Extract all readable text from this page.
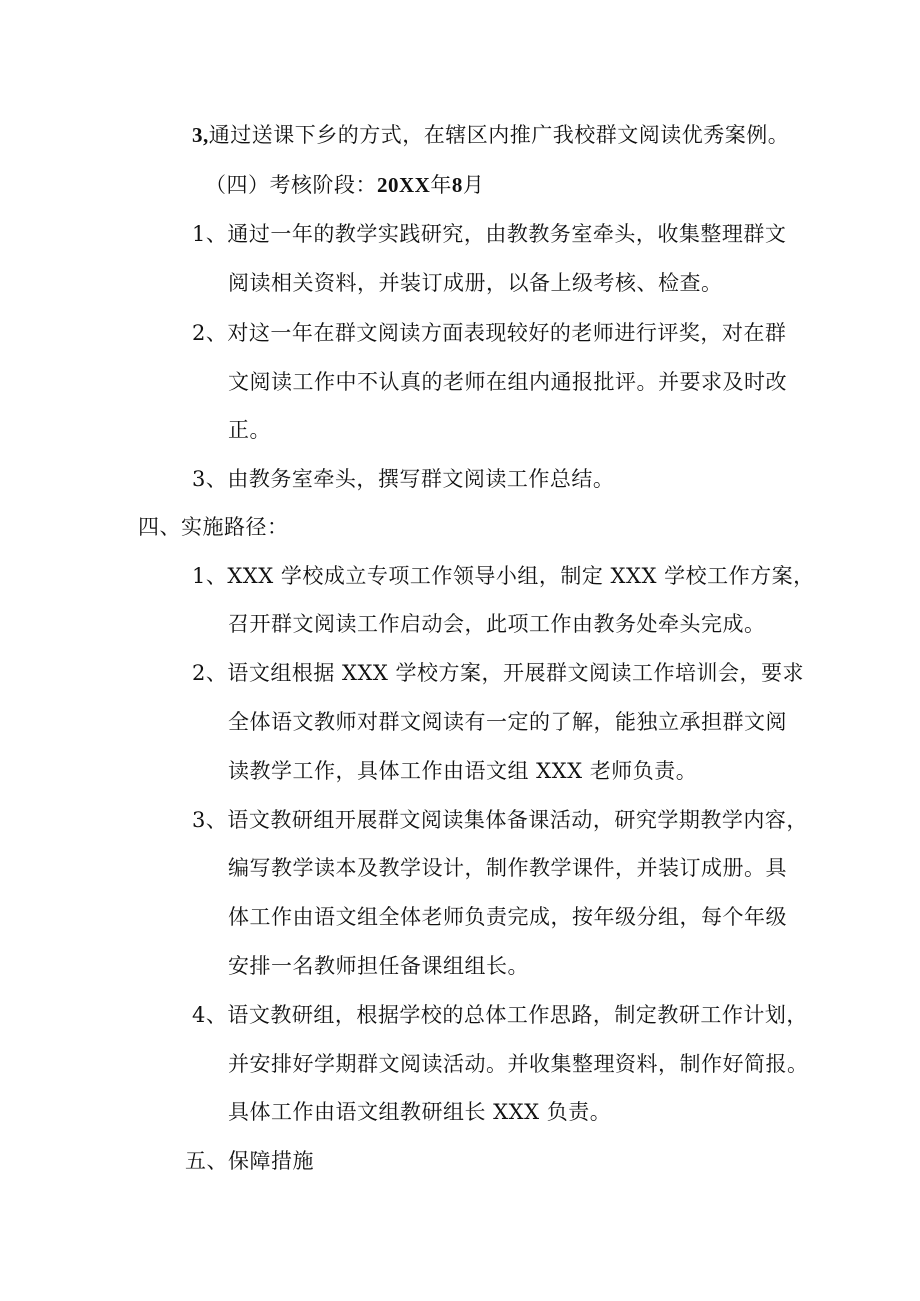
3,通过送课下乡的方式，在辖区内推广我校群文阅读优秀案例。
（四）考核阶段：20XX年8月
1、通过一年的教学实践研究，由教教务室牵头，收集整理群文
阅读相关资料，并装订成册，以备上级考核、检查。
2、对这一年在群文阅读方面表现较好的老师进行评奖，对在群
文阅读工作中不认真的老师在组内通报批评。并要求及时改
正。
3、由教务室牵头，撰写群文阅读工作总结。
四、实施路径：
1、XXX 学校成立专项工作领导小组，制定 XXX 学校工作方案，
召开群文阅读工作启动会，此项工作由教务处牵头完成。
2、语文组根据 XXX 学校方案，开展群文阅读工作培训会，要求
全体语文教师对群文阅读有一定的了解，能独立承担群文阅
读教学工作，具体工作由语文组 XXX 老师负责。
3、语文教研组开展群文阅读集体备课活动，研究学期教学内容，
编写教学读本及教学设计，制作教学课件，并装订成册。具
体工作由语文组全体老师负责完成，按年级分组，每个年级
安排一名教师担任备课组组长。
4、语文教研组，根据学校的总体工作思路，制定教研工作计划，
并安排好学期群文阅读活动。并收集整理资料，制作好简报。
具体工作由语文组教研组长 XXX 负责。
五、保障措施
